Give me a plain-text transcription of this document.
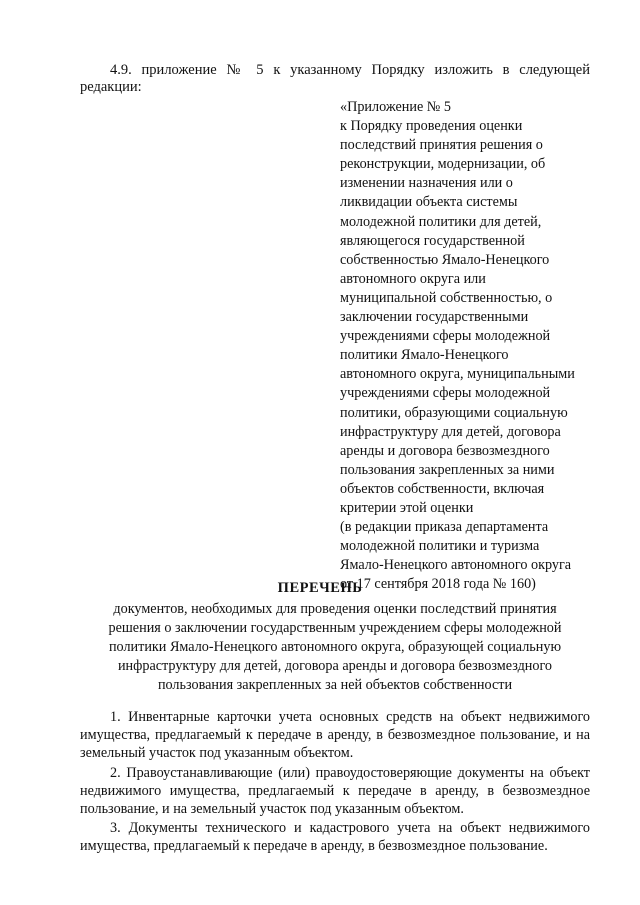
4.9. приложение № 5 к указанному Порядку изложить в следующей
редакции:

«Приложение № 5
к Порядку проведения оценки
последствий принятия решения о
реконструкции, модернизации, об
изменении назначения или о
ликвидации объекта системы
молодежной политики для детей,
являющегося государственной
собственностью Ямало-Ненецкого
автономного округа или
муниципальной собственностью, о
заключении государственными
учреждениями сферы молодежной
политики Ямало-Ненецкого
автономного округа, муниципальными
учреждениями сферы молодежной
политики, образующими социальную
инфраструктуру для детей, договора
аренды и договора безвозмездного
пользования закрепленных за ними
объектов собственности, включая
критерии этой оценки
(в редакции приказа департамента
молодежной политики и туризма
Ямало-Ненецкого автономного округа
от 17 сентября 2018 года № 160)
ПЕРЕЧЕНЬ
документов, необходимых для проведения оценки последствий принятия
решения о заключении государственным учреждением сферы молодежной
политики Ямало-Ненецкого автономного округа, образующей социальную
инфраструктуру для детей, договора аренды и договора безвозмездного
пользования закрепленных за ней объектов собственности

1. Инвентарные карточки учета основных средств на объект недвижимого имущества, предлагаемый к передаче в аренду, в безвозмездное пользование, и на земельный участок под указанным объектом.

2. Правоустанавливающие (или) правоудостоверяющие документы на объект недвижимого имущества, предлагаемый к передаче в аренду, в безвозмездное пользование, и на земельный участок под указанным объектом.

3. Документы технического и кадастрового учета на объект недвижимого имущества, предлагаемый к передаче в аренду, в безвозмездное пользование.
